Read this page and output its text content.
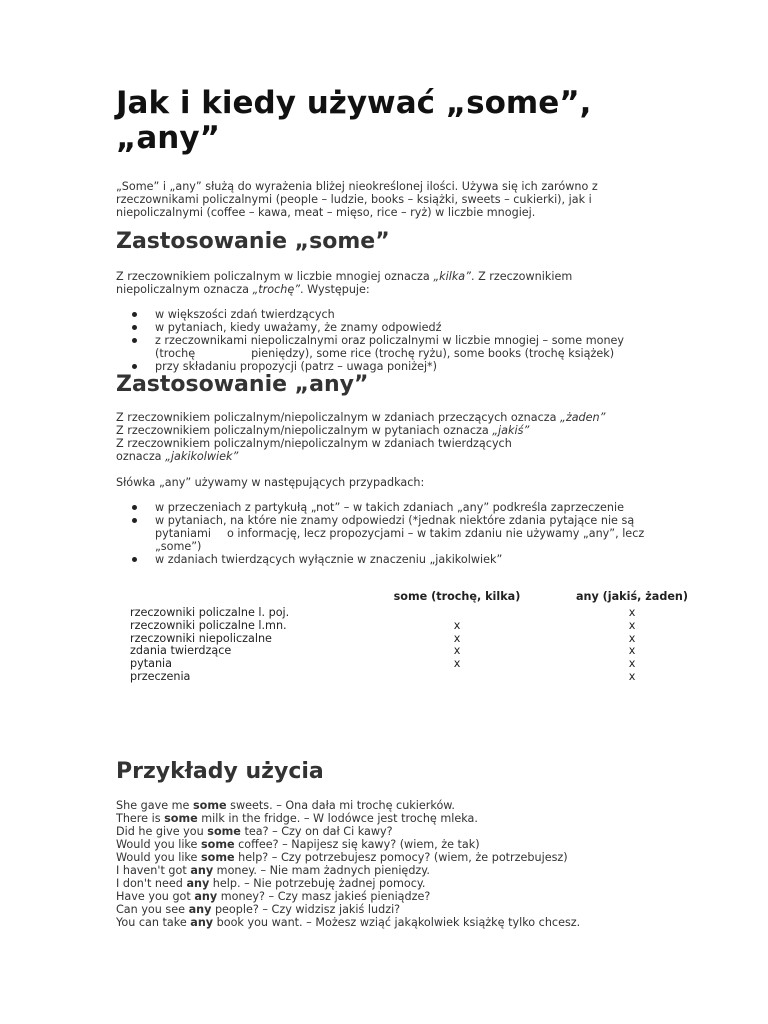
Jak i kiedy używać „some”, „any”

„Some” i „any” służą do wyrażenia bliżej nieokreślonej ilości. Używa się ich zarówno z rzeczownikami policzalnymi (people – ludzie, books – książki, sweets – cukierki), jak i niepoliczalnymi (coffee – kawa, meat – mięso, rice – ryż) w liczbie mnogiej.

Zastosowanie „some”

Z rzeczownikiem policzalnym w liczbie mnogiej oznacza „kilka”. Z rzeczownikiem niepoliczalnym oznacza „trochę”. Występuje:

w większości zdań twierdzących
w pytaniach, kiedy uważamy, że znamy odpowiedź
z rzeczownikami niepoliczalnymi oraz policzalnymi w liczbie mnogiej – some money (trochę	pieniędzy), some rice (trochę ryżu), some books (trochę książek)
przy składaniu propozycji (patrz – uwaga poniżej*)
Zastosowanie „any”
Z rzeczownikiem policzalnym/niepoliczalnym w zdaniach przeczących oznacza „żaden”
Z rzeczownikiem policzalnym/niepoliczalnym w pytaniach oznacza „jakiś”
Z rzeczownikiem policzalnym/niepoliczalnym w zdaniach twierdzących
oznacza „jakikolwiek”

Słówka „any” używamy w następujących przypadkach:

w przeczeniach z partykułą „not” – w takich zdaniach „any” podkreśla zaprzeczenie
w pytaniach, na które nie znamy odpowiedzi (*jednak niektóre zdania pytające nie są pytaniami o informację, lecz propozycjami – w takim zdaniu nie używamy „any”, lecz „some”)
w zdaniach twierdzących wyłącznie w znaczeniu „jakikolwiek”
	some (trochę, kilka)	any (jakiś, żaden)
rzeczowniki policzalne l. poj.		x
rzeczowniki policzalne l.mn.	x	x
rzeczowniki niepoliczalne	x	x
zdania twierdzące	x	x
pytania	x	x
przeczenia		x
Przykłady użycia
She gave me some sweets. – Ona dała mi trochę cukierków.
There is some milk in the fridge. – W lodówce jest trochę mleka.
Did he give you some tea? – Czy on dał Ci kawy?
Would you like some coffee? – Napijesz się kawy? (wiem, że tak)
Would you like some help? – Czy potrzebujesz pomocy? (wiem, że potrzebujesz)
I haven't got any money. – Nie mam żadnych pieniędzy.
I don't need any help. – Nie potrzebuję żadnej pomocy.
Have you got any money? – Czy masz jakieś pieniądze?
Can you see any people? – Czy widzisz jakiś ludzi?
You can take any book you want. – Możesz wziąć jakąkolwiek książkę tylko chcesz.
